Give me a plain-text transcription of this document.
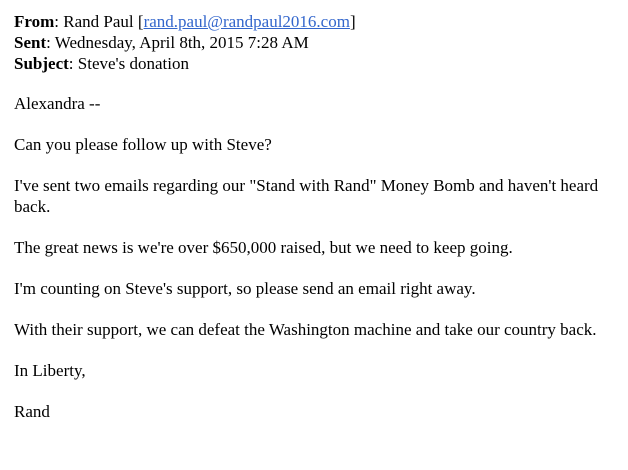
From: Rand Paul [rand.paul@randpaul2016.com]
Sent: Wednesday, April 8th, 2015 7:28 AM
Subject: Steve's donation

Alexandra --

Can you please follow up with Steve?

I've sent two emails regarding our "Stand with Rand" Money Bomb and haven't heard back.

The great news is we're over $650,000 raised, but we need to keep going.

I'm counting on Steve's support, so please send an email right away.

With their support, we can defeat the Washington machine and take our country back.

In Liberty,

Rand
